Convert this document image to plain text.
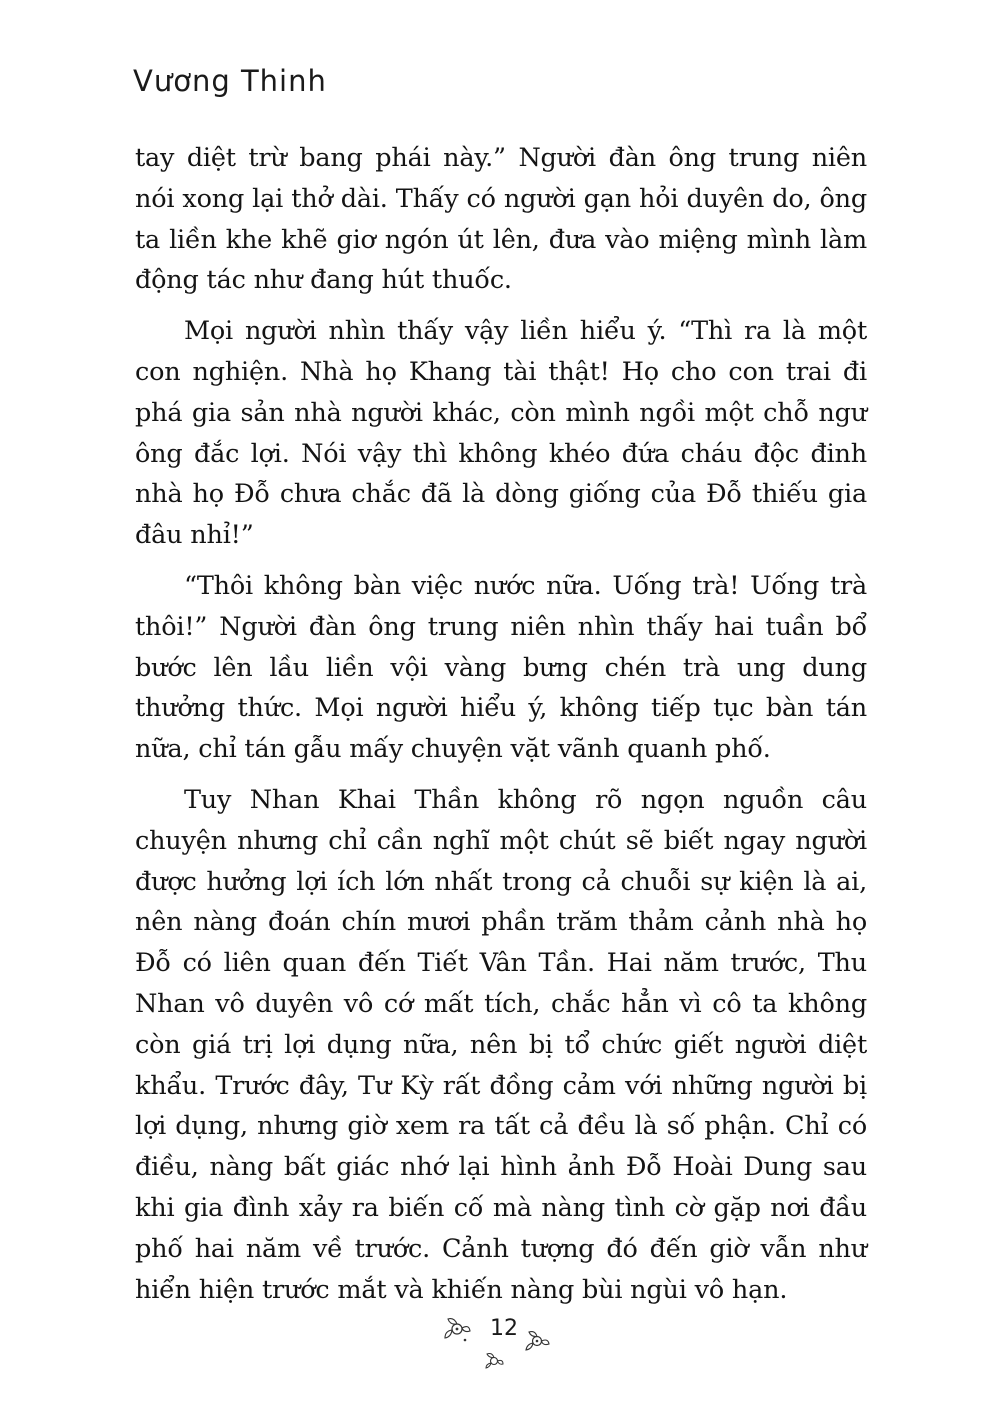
Vương Thinh

tay diệt trừ bang phái này.” Người đàn ông trung niên nói xong lại thở dài. Thấy có người gạn hỏi duyên do, ông ta liền khe khẽ giơ ngón út lên, đưa vào miệng mình làm động tác như đang hút thuốc.

Mọi người nhìn thấy vậy liền hiểu ý. “Thì ra là một con nghiện. Nhà họ Khang tài thật! Họ cho con trai đi phá gia sản nhà người khác, còn mình ngồi một chỗ ngư ông đắc lợi. Nói vậy thì không khéo đứa cháu độc đinh nhà họ Đỗ chưa chắc đã là dòng giống của Đỗ thiếu gia đâu nhỉ!”

“Thôi không bàn việc nước nữa. Uống trà! Uống trà thôi!” Người đàn ông trung niên nhìn thấy hai tuần bổ bước lên lầu liền vội vàng bưng chén trà ung dung thưởng thức. Mọi người hiểu ý, không tiếp tục bàn tán nữa, chỉ tán gẫu mấy chuyện vặt vãnh quanh phố.

Tuy Nhan Khai Thần không rõ ngọn nguồn câu chuyện nhưng chỉ cần nghĩ một chút sẽ biết ngay người được hưởng lợi ích lớn nhất trong cả chuỗi sự kiện là ai, nên nàng đoán chín mươi phần trăm thảm cảnh nhà họ Đỗ có liên quan đến Tiết Vân Tần. Hai năm trước, Thu Nhan vô duyên vô cớ mất tích, chắc hẳn vì cô ta không còn giá trị lợi dụng nữa, nên bị tổ chức giết người diệt khẩu. Trước đây, Tư Kỳ rất đồng cảm với những người bị lợi dụng, nhưng giờ xem ra tất cả đều là số phận. Chỉ có điều, nàng bất giác nhớ lại hình ảnh Đỗ Hoài Dung sau khi gia đình xảy ra biến cố mà nàng tình cờ gặp nơi đầu phố hai năm về trước. Cảnh tượng đó đến giờ vẫn như hiển hiện trước mắt và khiến nàng bùi ngùi vô hạn.

12
